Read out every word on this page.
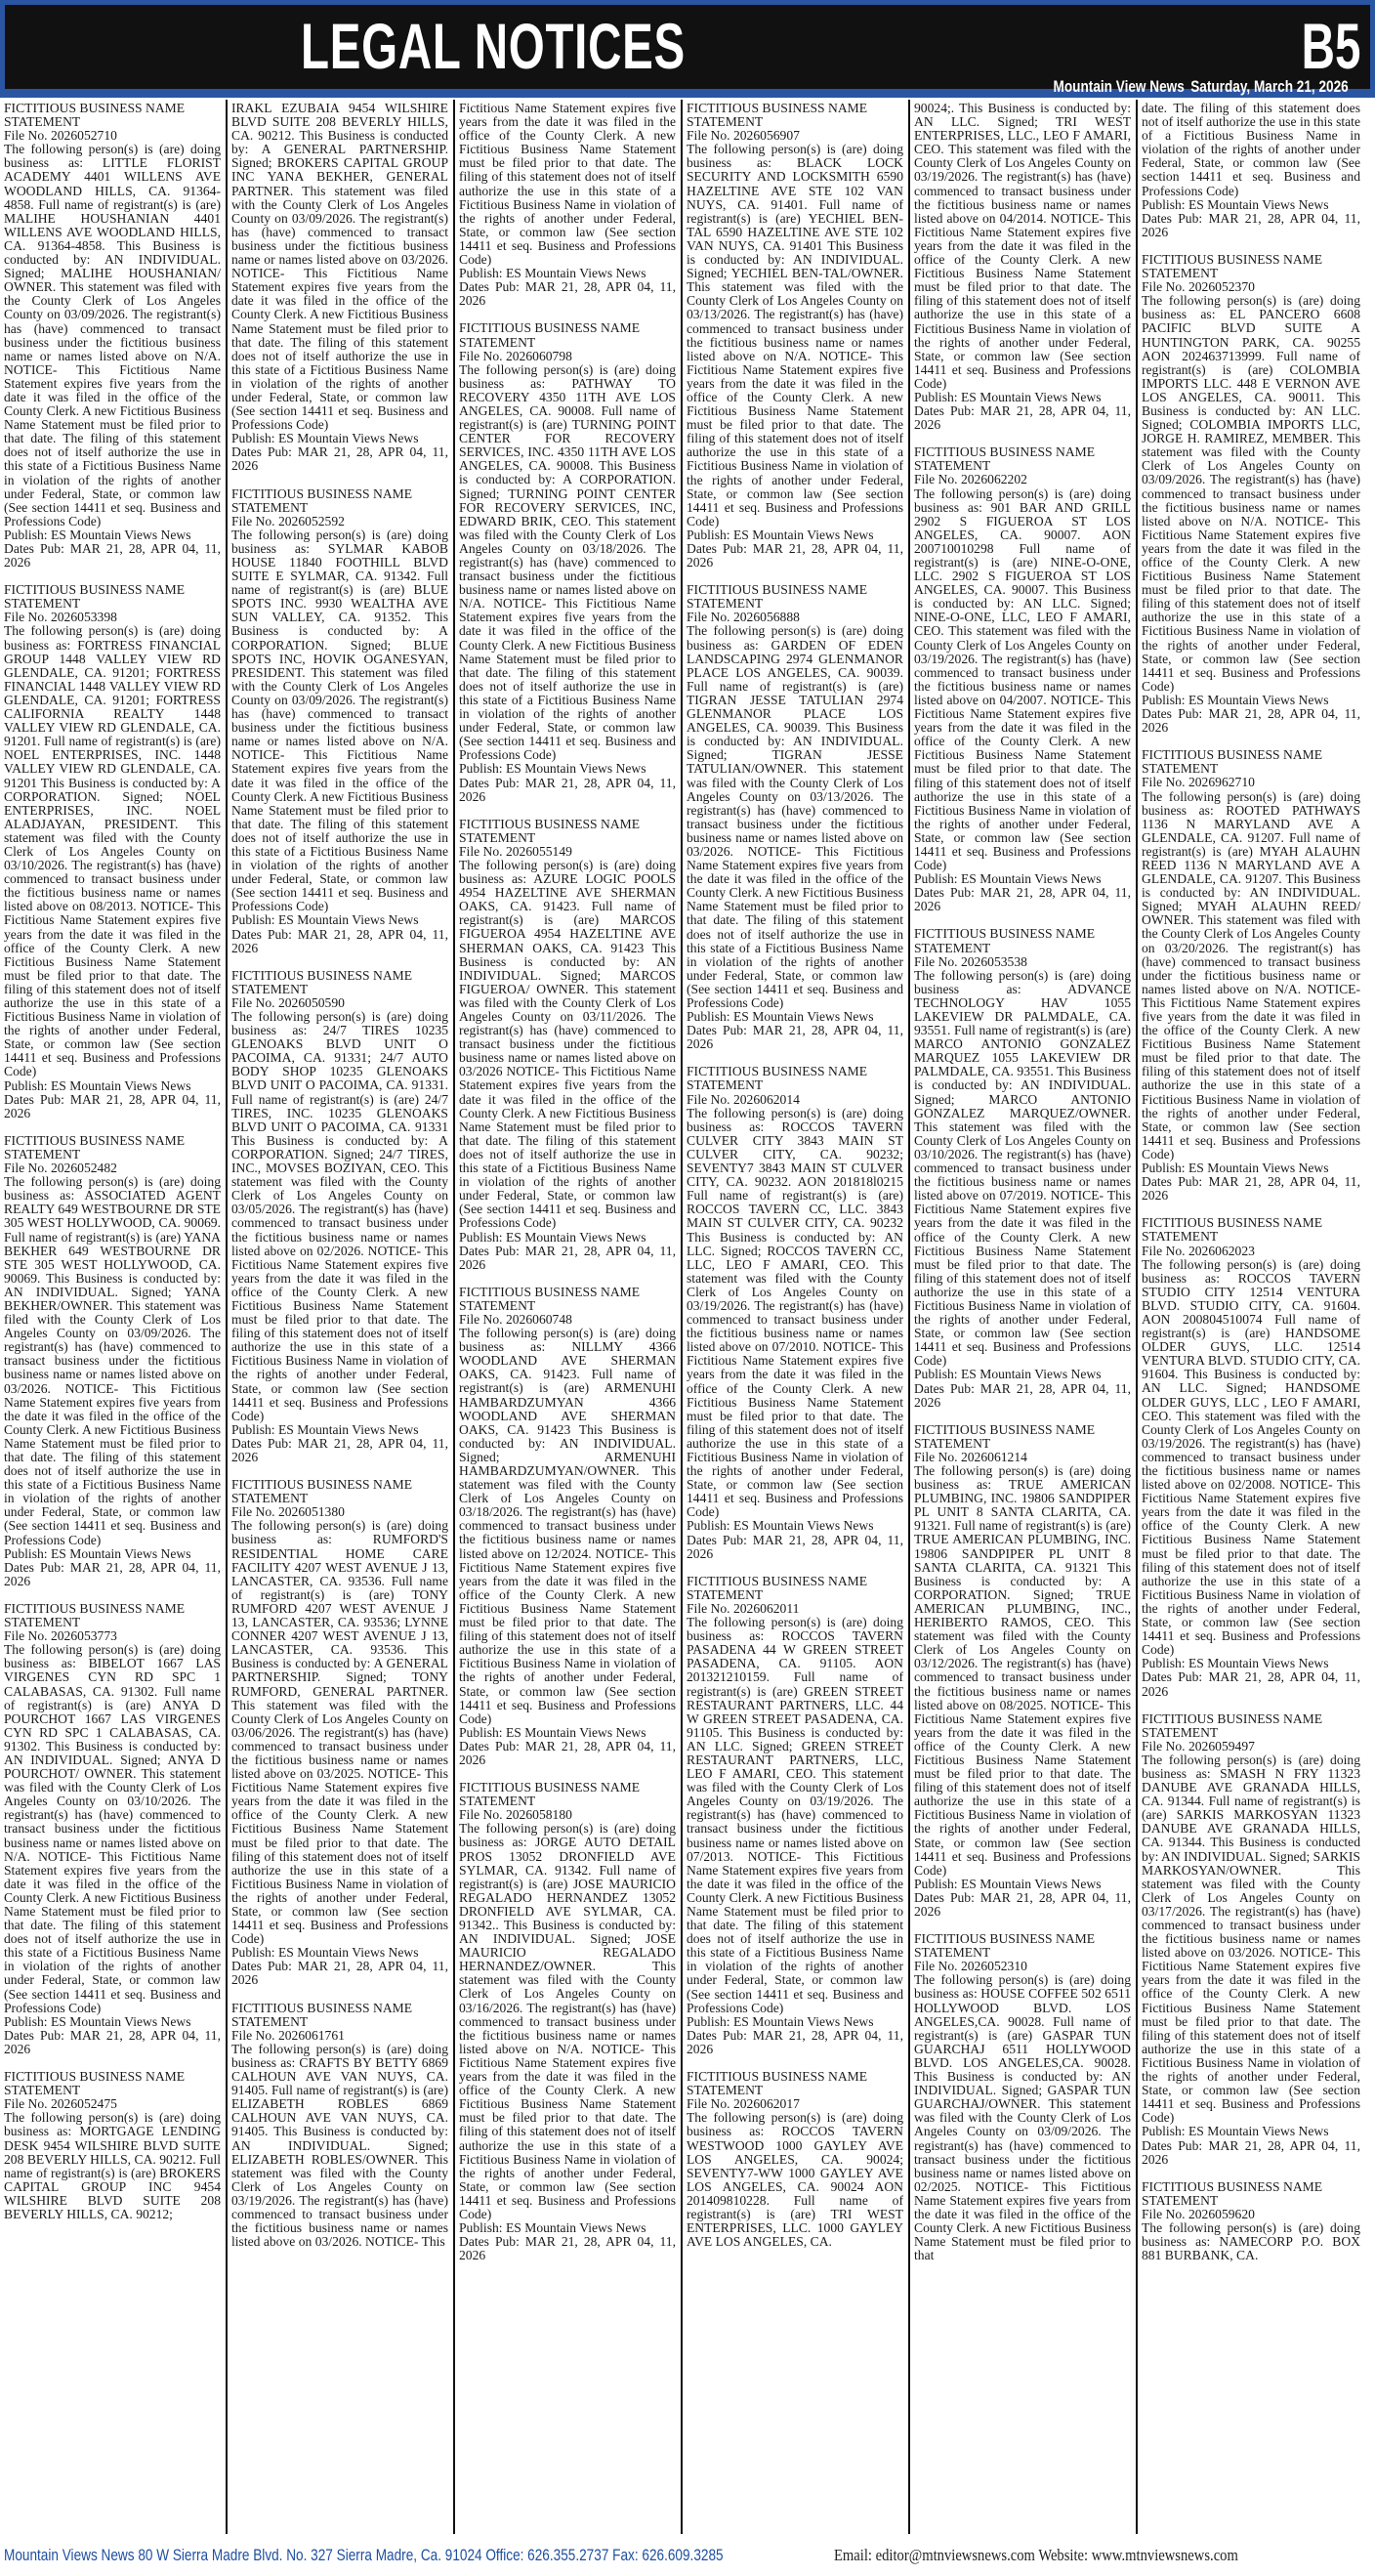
LEGAL NOTICES	B5
Mountain View News Saturday, March 21, 2026
FICTITIOUS BUSINESS NAME STATEMENT
File No. 2026052710
The following person(s) is (are) doing business as: LITTLE FLORIST ACADEMY 4401 WILLENS AVE WOODLAND HILLS, CA. 91364-4858. Full name of registrant(s) is (are) MALIHE HOUSHANIAN 4401 WILLENS AVE WOODLAND HILLS, CA. 91364-4858. This Business is conducted by: AN INDIVIDUAL. Signed; MALIHE HOUSHANIAN/ OWNER. This statement was filed with the County Clerk of Los Angeles County on 03/09/2026. The registrant(s) has (have) commenced to transact business under the fictitious business name or names listed above on N/A. NOTICE- This Fictitious Name Statement expires five years from the date it was filed in the office of the County Clerk. A new Fictitious Business Name Statement must be filed prior to that date. The filing of this statement does not of itself authorize the use in this state of a Fictitious Business Name in violation of the rights of another under Federal, State, or common law (See section 14411 et seq. Business and Professions Code)
Publish: ES Mountain Views News
Dates Pub: MAR 21, 28, APR 04, 11, 2026
FICTITIOUS BUSINESS NAME STATEMENT
File No. 2026053398
The following person(s) is (are) doing business as: FORTRESS FINANCIAL GROUP 1448 VALLEY VIEW RD GLENDALE, CA. 91201; FORTRESS FINANCIAL 1448 VALLEY VIEW RD GLENDALE, CA. 91201; FORTRESS CALIFORNIA REALTY 1448 VALLEY VIEW RD GLENDALE, CA. 91201. Full name of registrant(s) is (are) NOEL ENTERPRISES, INC. 1448 VALLEY VIEW RD GLENDALE, CA. 91201 This Business is conducted by: A CORPORATION. Signed; NOEL ENTERPRISES, INC. NOEL ALADJAYAN, PRESIDENT. This statement was filed with the County Clerk of Los Angeles County on 03/10/2026. The registrant(s) has (have) commenced to transact business under the fictitious business name or names listed above on 08/2013. NOTICE- This Fictitious Name Statement expires five years from the date it was filed in the office of the County Clerk. A new Fictitious Business Name Statement must be filed prior to that date. The filing of this statement does not of itself authorize the use in this state of a Fictitious Business Name in violation of the rights of another under Federal, State, or common law (See section 14411 et seq. Business and Professions Code)
Publish: ES Mountain Views News
Dates Pub: MAR 21, 28, APR 04, 11, 2026
FICTITIOUS BUSINESS NAME STATEMENT
File No. 2026052482
The following person(s) is (are) doing business as: ASSOCIATED AGENT REALTY 649 WESTBOURNE DR STE 305 WEST HOLLYWOOD, CA. 90069. Full name of registrant(s) is (are) YANA BEKHER 649 WESTBOURNE DR STE 305 WEST HOLLYWOOD, CA. 90069. This Business is conducted by: AN INDIVIDUAL. Signed; YANA BEKHER/OWNER. This statement was filed with the County Clerk of Los Angeles County on 03/09/2026. The registrant(s) has (have) commenced to transact business under the fictitious business name or names listed above on 03/2026. NOTICE- This Fictitious Name Statement expires five years from the date it was filed in the office of the County Clerk. A new Fictitious Business Name Statement must be filed prior to that date. The filing of this statement does not of itself authorize the use in this state of a Fictitious Business Name in violation of the rights of another under Federal, State, or common law (See section 14411 et seq. Business and Professions Code)
Publish: ES Mountain Views News
Dates Pub: MAR 21, 28, APR 04, 11, 2026
FICTITIOUS BUSINESS NAME STATEMENT
File No. 2026053773
The following person(s) is (are) doing business as: BIBELOT 1667 LAS VIRGENES CYN RD SPC 1 CALABASAS, CA. 91302. Full name of registrant(s) is (are) ANYA D POURCHOT 1667 LAS VIRGENES CYN RD SPC 1 CALABASAS, CA. 91302. This Business is conducted by: AN INDIVIDUAL. Signed; ANYA D POURCHOT/ OWNER. This statement was filed with the County Clerk of Los Angeles County on 03/10/2026. The registrant(s) has (have) commenced to transact business under the fictitious business name or names listed above on N/A. NOTICE- This Fictitious Name Statement expires five years from the date it was filed in the office of the County Clerk. A new Fictitious Business Name Statement must be filed prior to that date. The filing of this statement does not of itself authorize the use in this state of a Fictitious Business Name in violation of the rights of another under Federal, State, or common law (See section 14411 et seq. Business and Professions Code)
Publish: ES Mountain Views News
Dates Pub: MAR 21, 28, APR 04, 11, 2026
FICTITIOUS BUSINESS NAME STATEMENT
File No. 2026052475
The following person(s) is (are) doing business as: MORTGAGE LENDING DESK 9454 WILSHIRE BLVD SUITE 208 BEVERLY HILLS, CA. 90212. Full name of registrant(s) is (are) BROKERS CAPITAL GROUP INC 9454 WILSHIRE BLVD SUITE 208 BEVERLY HILLS, CA. 90212;
IRAKL EZUBAIA 9454 WILSHIRE BLVD SUITE 208 BEVERLY HILLS, CA. 90212. This Business is conducted by: A GENERAL PARTNERSHIP. Signed; BROKERS CAPITAL GROUP INC YANA BEKHER, GENERAL PARTNER. This statement was filed with the County Clerk of Los Angeles County on 03/09/2026. The registrant(s) has (have) commenced to transact business under the fictitious business name or names listed above on 03/2026. NOTICE- This Fictitious Name Statement expires five years from the date it was filed in the office of the County Clerk. A new Fictitious Business Name Statement must be filed prior to that date. The filing of this statement does not of itself authorize the use in this state of a Fictitious Business Name in violation of the rights of another under Federal, State, or common law (See section 14411 et seq. Business and Professions Code)
Publish: ES Mountain Views News
Dates Pub: MAR 21, 28, APR 04, 11, 2026
FICTITIOUS BUSINESS NAME STATEMENT
File No. 2026052592
The following person(s) is (are) doing business as: SYLMAR KABOB HOUSE 11840 FOOTHILL BLVD SUITE E SYLMAR, CA. 91342. Full name of registrant(s) is (are) BLUE SPOTS INC. 9930 WEALTHA AVE SUN VALLEY, CA. 91352. This Business is conducted by: A CORPORATION. Signed; BLUE SPOTS INC, HOVIK OGANESYAN, PRESIDENT. This statement was filed with the County Clerk of Los Angeles County on 03/09/2026. The registrant(s) has (have) commenced to transact business under the fictitious business name or names listed above on N/A. NOTICE- This Fictitious Name Statement expires five years from the date it was filed in the office of the County Clerk. A new Fictitious Business Name Statement must be filed prior to that date. The filing of this statement does not of itself authorize the use in this state of a Fictitious Business Name in violation of the rights of another under Federal, State, or common law (See section 14411 et seq. Business and Professions Code)
Publish: ES Mountain Views News
Dates Pub: MAR 21, 28, APR 04, 11, 2026
FICTITIOUS BUSINESS NAME STATEMENT
File No. 2026050590
The following person(s) is (are) doing business as: 24/7 TIRES 10235 GLENOAKS BLVD UNIT O PACOIMA, CA. 91331; 24/7 AUTO BODY SHOP 10235 GLENOAKS BLVD UNIT O PACOIMA, CA. 91331. Full name of registrant(s) is (are) 24/7 TIRES, INC. 10235 GLENOAKS BLVD UNIT O PACOIMA, CA. 91331 This Business is conducted by: A CORPORATION. Signed; 24/7 TIRES, INC., MOVSES BOZIYAN, CEO. This statement was filed with the County Clerk of Los Angeles County on 03/05/2026. The registrant(s) has (have) commenced to transact business under the fictitious business name or names listed above on 02/2026. NOTICE- This Fictitious Name Statement expires five years from the date it was filed in the office of the County Clerk. A new Fictitious Business Name Statement must be filed prior to that date. The filing of this statement does not of itself authorize the use in this state of a Fictitious Business Name in violation of the rights of another under Federal, State, or common law (See section 14411 et seq. Business and Professions Code)
Publish: ES Mountain Views News
Dates Pub: MAR 21, 28, APR 04, 11, 2026
FICTITIOUS BUSINESS NAME STATEMENT
File No. 2026051380
The following person(s) is (are) doing business as: RUMFORD'S RESIDENTIAL HOME CARE FACILITY 4207 WEST AVENUE J 13, LANCASTER, CA. 93536. Full name of registrant(s) is (are) TONY RUMFORD 4207 WEST AVENUE J 13, LANCASTER, CA. 93536; LYNNE CONNER 4207 WEST AVENUE J 13, LANCASTER, CA. 93536. This Business is conducted by: A GENERAL PARTNERSHIP. Signed; TONY RUMFORD, GENERAL PARTNER. This statement was filed with the County Clerk of Los Angeles County on 03/06/2026. The registrant(s) has (have) commenced to transact business under the fictitious business name or names listed above on 03/2025. NOTICE- This Fictitious Name Statement expires five years from the date it was filed in the office of the County Clerk. A new Fictitious Business Name Statement must be filed prior to that date. The filing of this statement does not of itself authorize the use in this state of a Fictitious Business Name in violation of the rights of another under Federal, State, or common law (See section 14411 et seq. Business and Professions Code)
Publish: ES Mountain Views News
Dates Pub: MAR 21, 28, APR 04, 11, 2026
FICTITIOUS BUSINESS NAME STATEMENT
File No. 2026061761
The following person(s) is (are) doing business as: CRAFTS BY BETTY 6869 CALHOUN AVE VAN NUYS, CA. 91405. Full name of registrant(s) is (are) ELIZABETH ROBLES 6869 CALHOUN AVE VAN NUYS, CA. 91405. This Business is conducted by: AN INDIVIDUAL. Signed; ELIZABETH ROBLES/OWNER. This statement was filed with the County Clerk of Los Angeles County on 03/19/2026. The registrant(s) has (have) commenced to transact business under the fictitious business name or names listed above on 03/2026. NOTICE- This
Fictitious Name Statement expires five years from the date it was filed in the office of the County Clerk. A new Fictitious Business Name Statement must be filed prior to that date. The filing of this statement does not of itself authorize the use in this state of a Fictitious Business Name in violation of the rights of another under Federal, State, or common law (See section 14411 et seq. Business and Professions Code)
Publish: ES Mountain Views News
Dates Pub: MAR 21, 28, APR 04, 11, 2026
FICTITIOUS BUSINESS NAME STATEMENT
File No. 2026060798
The following person(s) is (are) doing business as: PATHWAY TO RECOVERY 4350 11TH AVE LOS ANGELES, CA. 90008. Full name of registrant(s) is (are) TURNING POINT CENTER FOR RECOVERY SERVICES, INC. 4350 11TH AVE LOS ANGELES, CA. 90008. This Business is conducted by: A CORPORATION. Signed; TURNING POINT CENTER FOR RECOVERY SERVICES, INC, EDWARD BRIK, CEO. This statement was filed with the County Clerk of Los Angeles County on 03/18/2026. The registrant(s) has (have) commenced to transact business under the fictitious business name or names listed above on N/A. NOTICE- This Fictitious Name Statement expires five years from the date it was filed in the office of the County Clerk. A new Fictitious Business Name Statement must be filed prior to that date. The filing of this statement does not of itself authorize the use in this state of a Fictitious Business Name in violation of the rights of another under Federal, State, or common law (See section 14411 et seq. Business and Professions Code)
Publish: ES Mountain Views News
Dates Pub: MAR 21, 28, APR 04, 11, 2026
FICTITIOUS BUSINESS NAME STATEMENT
File No. 2026055149
The following person(s) is (are) doing business as: AZURE LOGIC POOLS 4954 HAZELTINE AVE SHERMAN OAKS, CA. 91423. Full name of registrant(s) is (are) MARCOS FIGUEROA 4954 HAZELTINE AVE SHERMAN OAKS, CA. 91423 This Business is conducted by: AN INDIVIDUAL. Signed; MARCOS FIGUEROA/ OWNER. This statement was filed with the County Clerk of Los Angeles County on 03/11/2026. The registrant(s) has (have) commenced to transact business under the fictitious business name or names listed above on 03/2026 NOTICE- This Fictitious Name Statement expires five years from the date it was filed in the office of the County Clerk. A new Fictitious Business Name Statement must be filed prior to that date. The filing of this statement does not of itself authorize the use in this state of a Fictitious Business Name in violation of the rights of another under Federal, State, or common law (See section 14411 et seq. Business and Professions Code)
Publish: ES Mountain Views News
Dates Pub: MAR 21, 28, APR 04, 11, 2026
FICTITIOUS BUSINESS NAME STATEMENT
File No. 2026060748
The following person(s) is (are) doing business as: NILLMY 4366 WOODLAND AVE SHERMAN OAKS, CA. 91423. Full name of registrant(s) is (are) ARMENUHI HAMBARDZUMYAN 4366 WOODLAND AVE SHERMAN OAKS, CA. 91423 This Business is conducted by: AN INDIVIDUAL. Signed; ARMENUHI HAMBARDZUMYAN/OWNER. This statement was filed with the County Clerk of Los Angeles County on 03/18/2026. The registrant(s) has (have) commenced to transact business under the fictitious business name or names listed above on 12/2024. NOTICE- This Fictitious Name Statement expires five years from the date it was filed in the office of the County Clerk. A new Fictitious Business Name Statement must be filed prior to that date. The filing of this statement does not of itself authorize the use in this state of a Fictitious Business Name in violation of the rights of another under Federal, State, or common law (See section 14411 et seq. Business and Professions Code)
Publish: ES Mountain Views News
Dates Pub: MAR 21, 28, APR 04, 11, 2026
FICTITIOUS BUSINESS NAME STATEMENT
File No. 2026058180
The following person(s) is (are) doing business as: JORGE AUTO DETAIL PROS 13052 DRONFIELD AVE SYLMAR, CA. 91342. Full name of registrant(s) is (are) JOSE MAURICIO REGALADO HERNANDEZ 13052 DRONFIELD AVE SYLMAR, CA. 91342.. This Business is conducted by: AN INDIVIDUAL. Signed; JOSE MAURICIO REGALADO HERNANDEZ/OWNER. This statement was filed with the County Clerk of Los Angeles County on 03/16/2026. The registrant(s) has (have) commenced to transact business under the fictitious business name or names listed above on N/A. NOTICE- This Fictitious Name Statement expires five years from the date it was filed in the office of the County Clerk. A new Fictitious Business Name Statement must be filed prior to that date. The filing of this statement does not of itself authorize the use in this state of a Fictitious Business Name in violation of the rights of another under Federal, State, or common law (See section 14411 et seq. Business and Professions Code)
Publish: ES Mountain Views News
Dates Pub: MAR 21, 28, APR 04, 11, 2026
FICTITIOUS BUSINESS NAME STATEMENT
File No. 2026056907
The following person(s) is (are) doing business as: BLACK LOCK SECURITY AND LOCKSMITH 6590 HAZELTINE AVE STE 102 VAN NUYS, CA. 91401. Full name of registrant(s) is (are) YECHIEL BEN-TAL 6590 HAZELTINE AVE STE 102 VAN NUYS, CA. 91401 This Business is conducted by: AN INDIVIDUAL. Signed; YECHIEL BEN-TAL/OWNER. This statement was filed with the County Clerk of Los Angeles County on 03/13/2026. The registrant(s) has (have) commenced to transact business under the fictitious business name or names listed above on N/A. NOTICE- This Fictitious Name Statement expires five years from the date it was filed in the office of the County Clerk. A new Fictitious Business Name Statement must be filed prior to that date. The filing of this statement does not of itself authorize the use in this state of a Fictitious Business Name in violation of the rights of another under Federal, State, or common law (See section 14411 et seq. Business and Professions Code)
Publish: ES Mountain Views News
Dates Pub: MAR 21, 28, APR 04, 11, 2026
FICTITIOUS BUSINESS NAME STATEMENT
File No. 2026056888
The following person(s) is (are) doing business as: GARDEN OF EDEN LANDSCAPING 2974 GLENMANOR PLACE LOS ANGELES, CA. 90039. Full name of registrant(s) is (are) TIGRAN JESSE TATULIAN 2974 GLENMANOR PLACE LOS ANGELES, CA. 90039. This Business is conducted by: AN INDIVIDUAL. Signed; TIGRAN JESSE TATULIAN/OWNER. This statement was filed with the County Clerk of Los Angeles County on 03/13/2026. The registrant(s) has (have) commenced to transact business under the fictitious business name or names listed above on 03/2026. NOTICE- This Fictitious Name Statement expires five years from the date it was filed in the office of the County Clerk. A new Fictitious Business Name Statement must be filed prior to that date. The filing of this statement does not of itself authorize the use in this state of a Fictitious Business Name in violation of the rights of another under Federal, State, or common law (See section 14411 et seq. Business and Professions Code)
Publish: ES Mountain Views News
Dates Pub: MAR 21, 28, APR 04, 11, 2026
FICTITIOUS BUSINESS NAME STATEMENT
File No. 2026062014
The following person(s) is (are) doing business as: ROCCOS TAVERN CULVER CITY 3843 MAIN ST CULVER CITY, CA. 90232; SEVENTY7 3843 MAIN ST CULVER CITY, CA. 90232. AON 201818l0215 Full name of registrant(s) is (are) ROCCOS TAVERN CC, LLC. 3843 MAIN ST CULVER CITY, CA. 90232 This Business is conducted by: AN LLC. Signed; ROCCOS TAVERN CC, LLC, LEO F AMARI, CEO. This statement was filed with the County Clerk of Los Angeles County on 03/19/2026. The registrant(s) has (have) commenced to transact business under the fictitious business name or names listed above on 07/2010. NOTICE- This Fictitious Name Statement expires five years from the date it was filed in the office of the County Clerk. A new Fictitious Business Name Statement must be filed prior to that date. The filing of this statement does not of itself authorize the use in this state of a Fictitious Business Name in violation of the rights of another under Federal, State, or common law (See section 14411 et seq. Business and Professions Code)
Publish: ES Mountain Views News
Dates Pub: MAR 21, 28, APR 04, 11, 2026
FICTITIOUS BUSINESS NAME STATEMENT
File No. 2026062011
The following person(s) is (are) doing business as: ROCCOS TAVERN PASADENA 44 W GREEN STREET PASADENA, CA. 91105. AON 201321210159. Full name of registrant(s) is (are) GREEN STREET RESTAURANT PARTNERS, LLC. 44 W GREEN STREET PASADENA, CA. 91105. This Business is conducted by: AN LLC. Signed; GREEN STREET RESTAURANT PARTNERS, LLC, LEO F AMARI, CEO. This statement was filed with the County Clerk of Los Angeles County on 03/19/2026. The registrant(s) has (have) commenced to transact business under the fictitious business name or names listed above on 07/2013. NOTICE- This Fictitious Name Statement expires five years from the date it was filed in the office of the County Clerk. A new Fictitious Business Name Statement must be filed prior to that date. The filing of this statement does not of itself authorize the use in this state of a Fictitious Business Name in violation of the rights of another under Federal, State, or common law (See section 14411 et seq. Business and Professions Code)
Publish: ES Mountain Views News
Dates Pub: MAR 21, 28, APR 04, 11, 2026
FICTITIOUS BUSINESS NAME STATEMENT
File No. 2026062017
The following person(s) is (are) doing business as: ROCCOS TAVERN WESTWOOD 1000 GAYLEY AVE LOS ANGELES, CA. 90024; SEVENTY7-WW 1000 GAYLEY AVE LOS ANGELES, CA. 90024 AON 201409810228. Full name of registrant(s) is (are) TRI WEST ENTERPRISES, LLC. 1000 GAYLEY AVE LOS ANGELES, CA.
90024;. This Business is conducted by: AN LLC. Signed; TRI WEST ENTERPRISES, LLC., LEO F AMARI, CEO. This statement was filed with the County Clerk of Los Angeles County on 03/19/2026. The registrant(s) has (have) commenced to transact business under the fictitious business name or names listed above on 04/2014. NOTICE- This Fictitious Name Statement expires five years from the date it was filed in the office of the County Clerk. A new Fictitious Business Name Statement must be filed prior to that date. The filing of this statement does not of itself authorize the use in this state of a Fictitious Business Name in violation of the rights of another under Federal, State, or common law (See section 14411 et seq. Business and Professions Code)
Publish: ES Mountain Views News
Dates Pub: MAR 21, 28, APR 04, 11, 2026
FICTITIOUS BUSINESS NAME STATEMENT
File No. 2026062202
The following person(s) is (are) doing business as: 901 BAR AND GRILL 2902 S FIGUEROA ST LOS ANGELES, CA. 90007. AON 200710010298 Full name of registrant(s) is (are) NINE-O-ONE, LLC. 2902 S FIGUEROA ST LOS ANGELES, CA. 90007. This Business is conducted by: AN LLC. Signed; NINE-O-ONE, LLC, LEO F AMARI, CEO. This statement was filed with the County Clerk of Los Angeles County on 03/19/2026. The registrant(s) has (have) commenced to transact business under the fictitious business name or names listed above on 04/2007. NOTICE- This Fictitious Name Statement expires five years from the date it was filed in the office of the County Clerk. A new Fictitious Business Name Statement must be filed prior to that date. The filing of this statement does not of itself authorize the use in this state of a Fictitious Business Name in violation of the rights of another under Federal, State, or common law (See section 14411 et seq. Business and Professions Code)
Publish: ES Mountain Views News
Dates Pub: MAR 21, 28, APR 04, 11, 2026
FICTITIOUS BUSINESS NAME STATEMENT
File No. 2026053538
The following person(s) is (are) doing business as: ADVANCE TECHNOLOGY HAV 1055 LAKEVIEW DR PALMDALE, CA. 93551. Full name of registrant(s) is (are) MARCO ANTONIO GONZALEZ MARQUEZ 1055 LAKEVIEW DR PALMDALE, CA. 93551. This Business is conducted by: AN INDIVIDUAL. Signed; MARCO ANTONIO GONZALEZ MARQUEZ/OWNER. This statement was filed with the County Clerk of Los Angeles County on 03/10/2026. The registrant(s) has (have) commenced to transact business under the fictitious business name or names listed above on 07/2019. NOTICE- This Fictitious Name Statement expires five years from the date it was filed in the office of the County Clerk. A new Fictitious Business Name Statement must be filed prior to that date. The filing of this statement does not of itself authorize the use in this state of a Fictitious Business Name in violation of the rights of another under Federal, State, or common law (See section 14411 et seq. Business and Professions Code)
Publish: ES Mountain Views News
Dates Pub: MAR 21, 28, APR 04, 11, 2026
FICTITIOUS BUSINESS NAME STATEMENT
File No. 2026061214
The following person(s) is (are) doing business as: TRUE AMERICAN PLUMBING, INC. 19806 SANDPIPER PL UNIT 8 SANTA CLARITA, CA. 91321. Full name of registrant(s) is (are) TRUE AMERICAN PLUMBING, INC. 19806 SANDPIPER PL UNIT 8 SANTA CLARITA, CA. 91321 This Business is conducted by: A CORPORATION. Signed; TRUE AMERICAN PLUMBING, INC., HERIBERTO RAMOS, CEO. This statement was filed with the County Clerk of Los Angeles County on 03/12/2026. The registrant(s) has (have) commenced to transact business under the fictitious business name or names listed above on 08/2025. NOTICE- This Fictitious Name Statement expires five years from the date it was filed in the office of the County Clerk. A new Fictitious Business Name Statement must be filed prior to that date. The filing of this statement does not of itself authorize the use in this state of a Fictitious Business Name in violation of the rights of another under Federal, State, or common law (See section 14411 et seq. Business and Professions Code)
Publish: ES Mountain Views News
Dates Pub: MAR 21, 28, APR 04, 11, 2026
FICTITIOUS BUSINESS NAME STATEMENT
File No. 2026052310
The following person(s) is (are) doing business as: HOUSE COFFEE 502 6511 HOLLYWOOD BLVD. LOS ANGELES,CA. 90028. Full name of registrant(s) is (are) GASPAR TUN GUARCHAJ 6511 HOLLYWOOD BLVD. LOS ANGELES,CA. 90028. This Business is conducted by: AN INDIVIDUAL. Signed; GASPAR TUN GUARCHAJ/OWNER. This statement was filed with the County Clerk of Los Angeles County on 03/09/2026. The registrant(s) has (have) commenced to transact business under the fictitious business name or names listed above on 02/2025. NOTICE- This Fictitious Name Statement expires five years from the date it was filed in the office of the County Clerk. A new Fictitious Business Name Statement must be filed prior to that
date. The filing of this statement does not of itself authorize the use in this state of a Fictitious Business Name in violation of the rights of another under Federal, State, or common law (See section 14411 et seq. Business and Professions Code)
Publish: ES Mountain Views News
Dates Pub: MAR 21, 28, APR 04, 11, 2026
FICTITIOUS BUSINESS NAME STATEMENT
File No. 2026052370
The following person(s) is (are) doing business as: EL PANCERO 6608 PACIFIC BLVD SUITE A HUNTINGTON PARK, CA. 90255 AON 202463713999. Full name of registrant(s) is (are) COLOMBIA IMPORTS LLC. 448 E VERNON AVE LOS ANGELES, CA. 90011. This Business is conducted by: AN LLC. Signed; COLOMBIA IMPORTS LLC, JORGE H. RAMIREZ, MEMBER. This statement was filed with the County Clerk of Los Angeles County on 03/09/2026. The registrant(s) has (have) commenced to transact business under the fictitious business name or names listed above on N/A. NOTICE- This Fictitious Name Statement expires five years from the date it was filed in the office of the County Clerk. A new Fictitious Business Name Statement must be filed prior to that date. The filing of this statement does not of itself authorize the use in this state of a Fictitious Business Name in violation of the rights of another under Federal, State, or common law (See section 14411 et seq. Business and Professions Code)
Publish: ES Mountain Views News
Dates Pub: MAR 21, 28, APR 04, 11, 2026
FICTITIOUS BUSINESS NAME STATEMENT
File No. 2026962710
The following person(s) is (are) doing business as: ROOTED PATHWAYS 1136 N MARYLAND AVE A GLENDALE, CA. 91207. Full name of registrant(s) is (are) MYAH ALAUHN REED 1136 N MARYLAND AVE A GLENDALE, CA. 91207. This Business is conducted by: AN INDIVIDUAL. Signed; MYAH ALAUHN REED/ OWNER. This statement was filed with the County Clerk of Los Angeles County on 03/20/2026. The registrant(s) has (have) commenced to transact business under the fictitious business name or names listed above on N/A. NOTICE- This Fictitious Name Statement expires five years from the date it was filed in the office of the County Clerk. A new Fictitious Business Name Statement must be filed prior to that date. The filing of this statement does not of itself authorize the use in this state of a Fictitious Business Name in violation of the rights of another under Federal, State, or common law (See section 14411 et seq. Business and Professions Code)
Publish: ES Mountain Views News
Dates Pub: MAR 21, 28, APR 04, 11, 2026
FICTITIOUS BUSINESS NAME STATEMENT
File No. 2026062023
The following person(s) is (are) doing business as: ROCCOS TAVERN STUDIO CITY 12514 VENTURA BLVD. STUDIO CITY, CA. 91604. AON 200804510074 Full name of registrant(s) is (are) HANDSOME OLDER GUYS, LLC. 12514 VENTURA BLVD. STUDIO CITY, CA. 91604. This Business is conducted by: AN LLC. Signed; HANDSOME OLDER GUYS, LLC , LEO F AMARI, CEO. This statement was filed with the County Clerk of Los Angeles County on 03/19/2026. The registrant(s) has (have) commenced to transact business under the fictitious business name or names listed above on 02/2008. NOTICE- This Fictitious Name Statement expires five years from the date it was filed in the office of the County Clerk. A new Fictitious Business Name Statement must be filed prior to that date. The filing of this statement does not of itself authorize the use in this state of a Fictitious Business Name in violation of the rights of another under Federal, State, or common law (See section 14411 et seq. Business and Professions Code)
Publish: ES Mountain Views News
Dates Pub: MAR 21, 28, APR 04, 11, 2026
FICTITIOUS BUSINESS NAME STATEMENT
File No. 2026059497
The following person(s) is (are) doing business as: SMASH N FRY 11323 DANUBE AVE GRANADA HILLS, CA. 91344. Full name of registrant(s) is (are) SARKIS MARKOSYAN 11323 DANUBE AVE GRANADA HILLS, CA. 91344. This Business is conducted by: AN INDIVIDUAL. Signed; SARKIS MARKOSYAN/OWNER. This statement was filed with the County Clerk of Los Angeles County on 03/17/2026. The registrant(s) has (have) commenced to transact business under the fictitious business name or names listed above on 03/2026. NOTICE- This Fictitious Name Statement expires five years from the date it was filed in the office of the County Clerk. A new Fictitious Business Name Statement must be filed prior to that date. The filing of this statement does not of itself authorize the use in this state of a Fictitious Business Name in violation of the rights of another under Federal, State, or common law (See section 14411 et seq. Business and Professions Code)
Publish: ES Mountain Views News
Dates Pub: MAR 21, 28, APR 04, 11, 2026
FICTITIOUS BUSINESS NAME STATEMENT
File No. 2026059620
The following person(s) is (are) doing business as: NAMECORP P.O. BOX 881 BURBANK, CA.
Mountain Views News 80 W Sierra Madre Blvd. No. 327 Sierra Madre, Ca. 91024 Office: 626.355.2737 Fax: 626.609.3285	Email: editor@mtnviewsnews.com Website: www.mtnviewsnews.com
